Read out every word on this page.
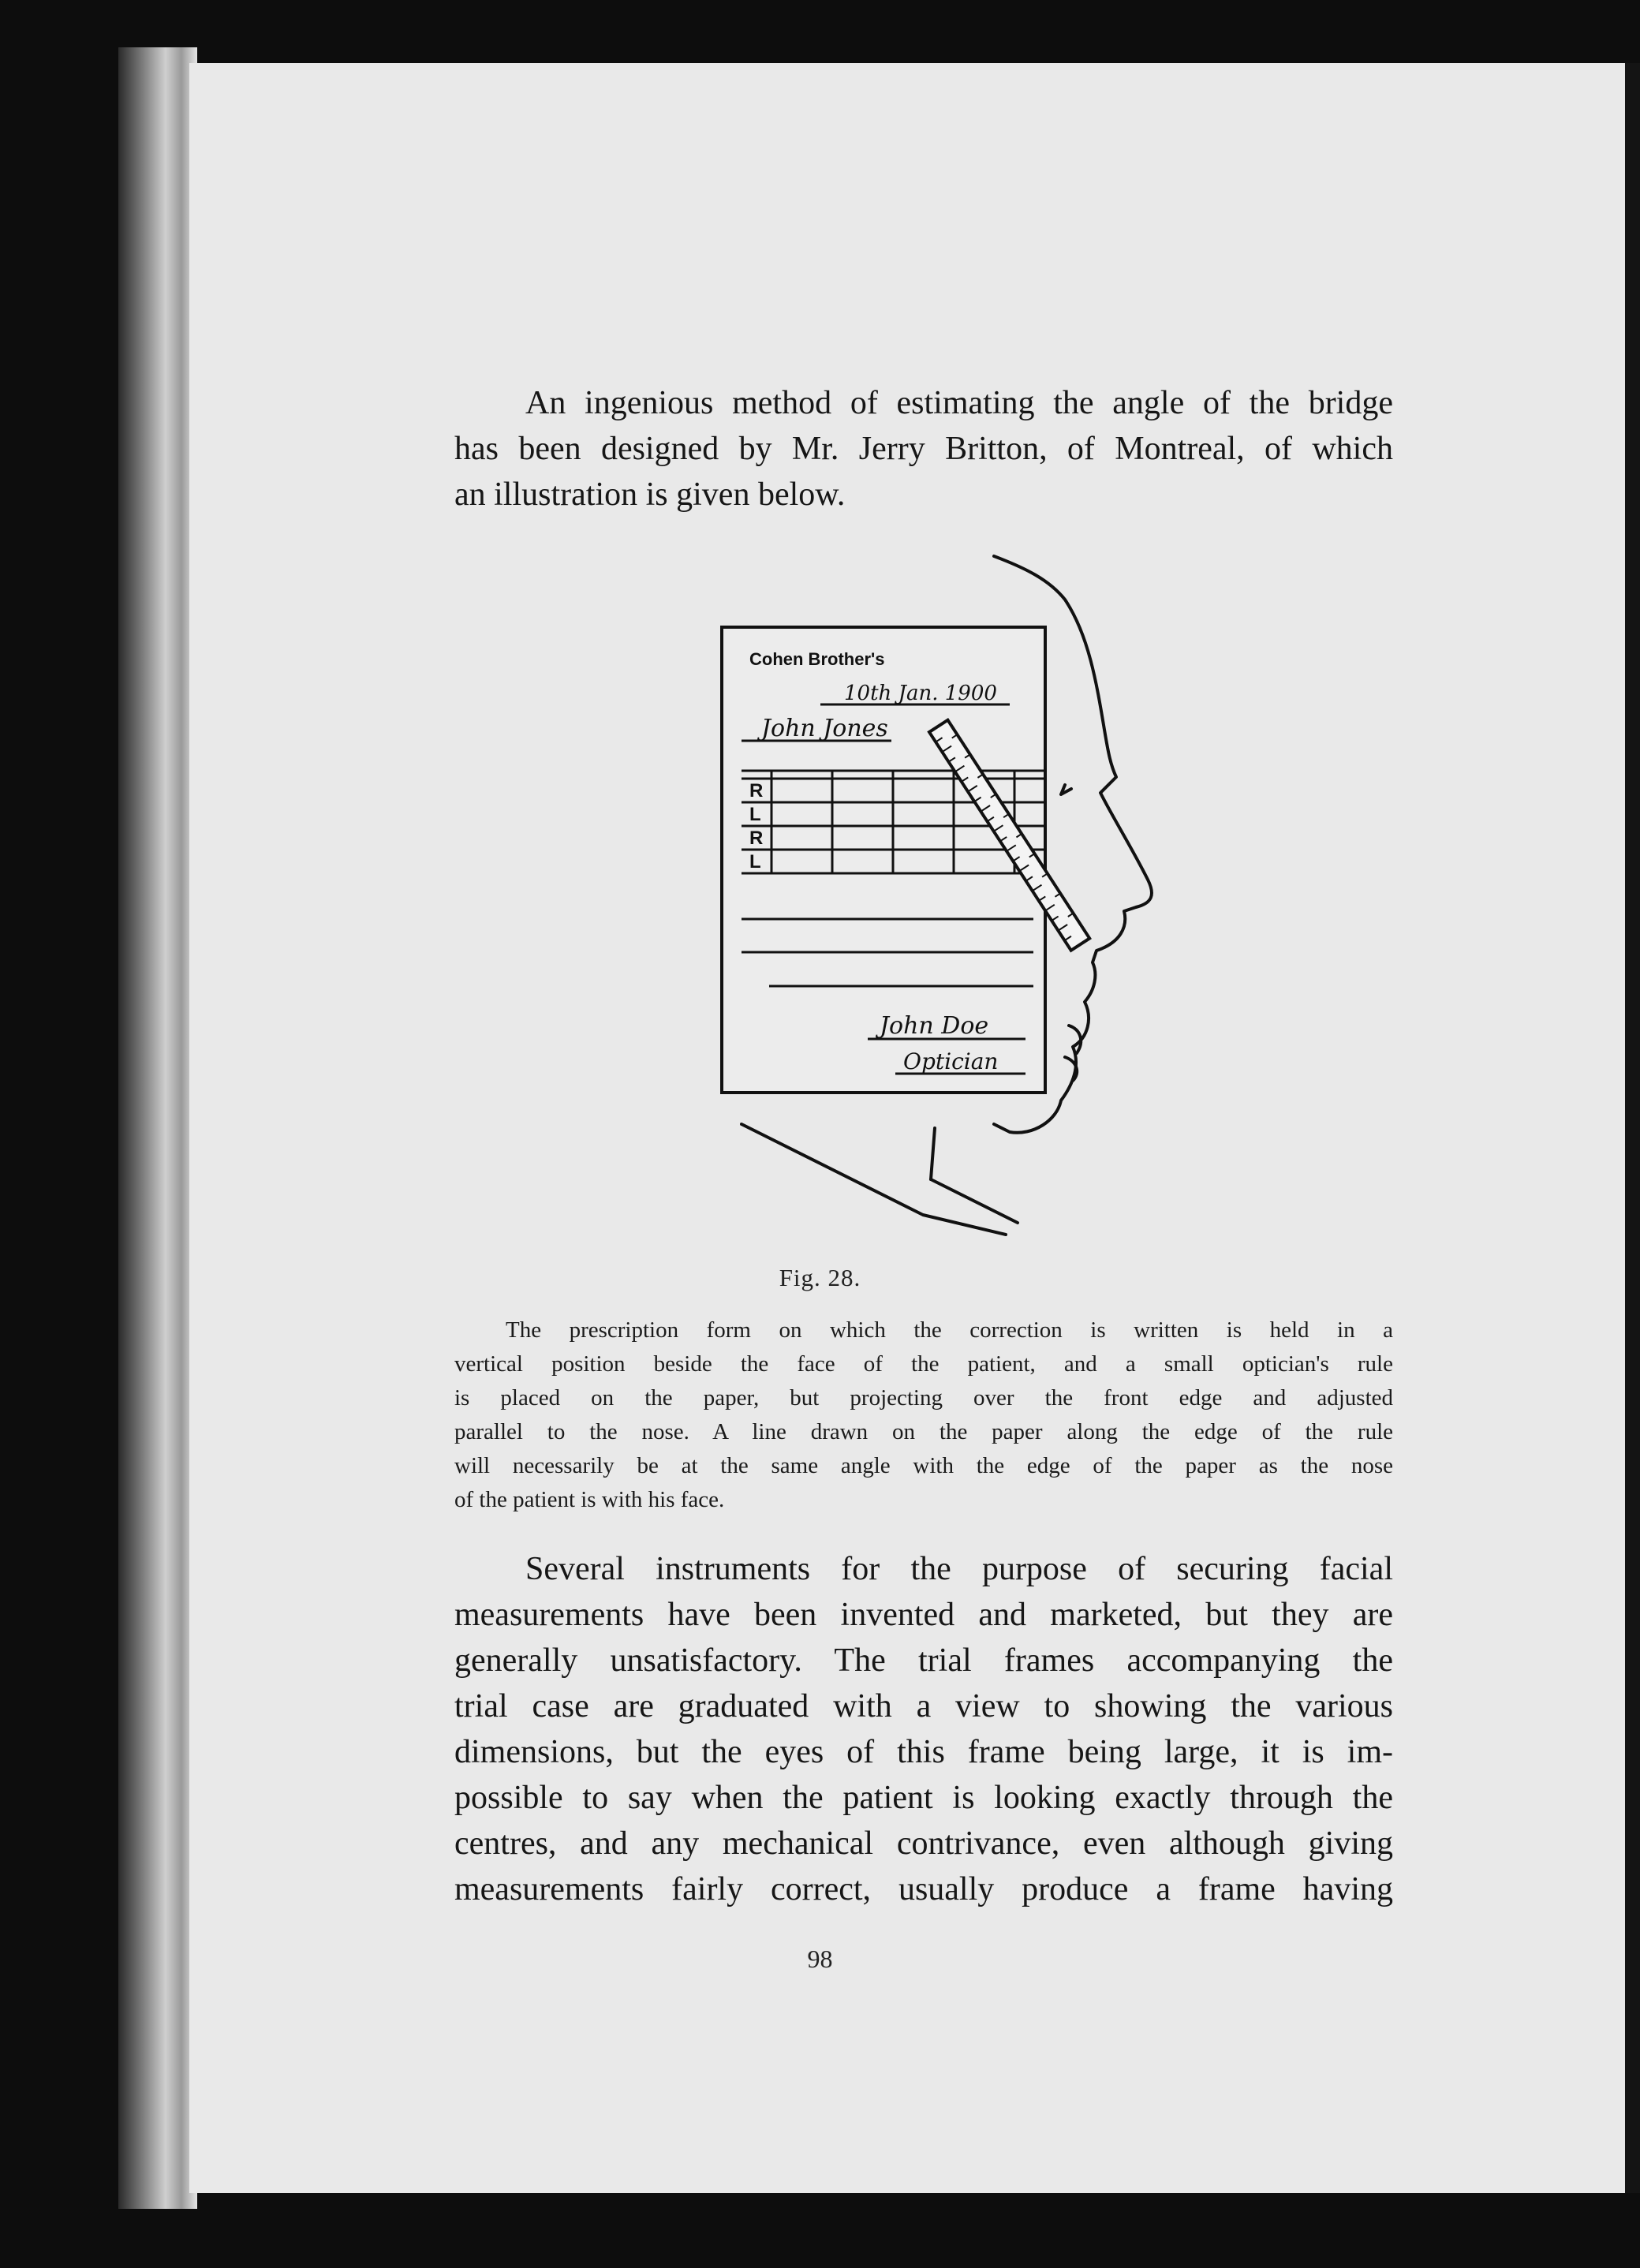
An ingenious method of estimating the angle of the bridge
has been designed by Mr. Jerry Britton, of Montreal, of which
an illustration is given below.
Cohen Brother's
10th Jan. 1900
John Jones
R
L
R
L
John Doe
Optician
Fig. 28.
The prescription form on which the correction is written is held in a
vertical position beside the face of the patient, and a small optician's rule
is placed on the paper, but projecting over the front edge and adjusted
parallel to the nose. A line drawn on the paper along the edge of the rule
will necessarily be at the same angle with the edge of the paper as the nose
of the patient is with his face.
Several instruments for the purpose of securing facial
measurements have been invented and marketed, but they are
generally unsatisfactory. The trial frames accompanying the
trial case are graduated with a view to showing the various
dimensions, but the eyes of this frame being large, it is im-
possible to say when the patient is looking exactly through the
centres, and any mechanical contrivance, even although giving
measurements fairly correct, usually produce a frame having
98
